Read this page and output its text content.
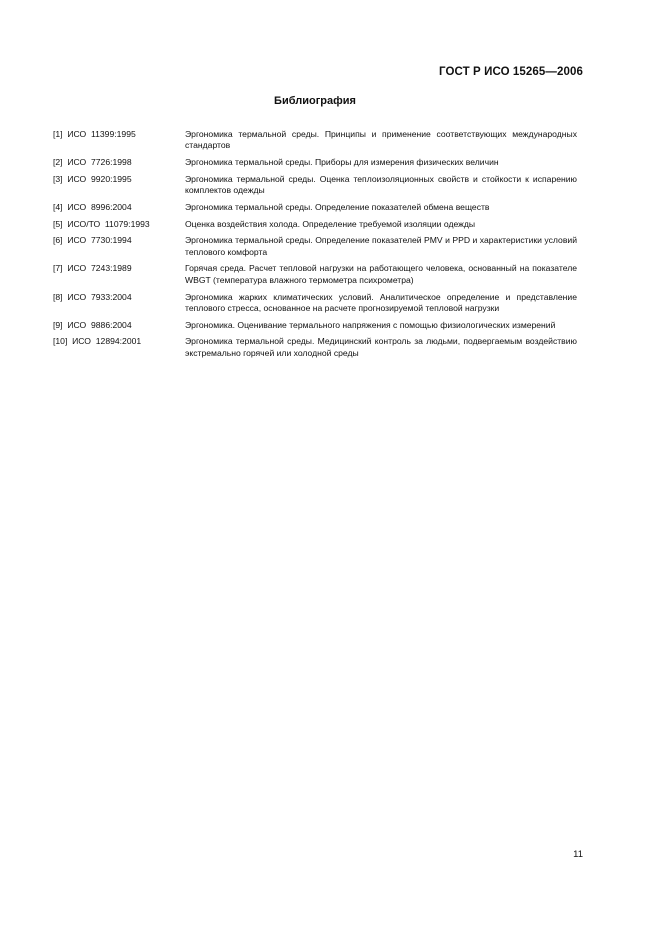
ГОСТ Р ИСО 15265—2006
Библиография
[1]  ИСО  11399:1995	Эргономика термальной среды. Принципы и применение соответствующих международных стандартов
[2]  ИСО  7726:1998	Эргономика термальной среды. Приборы для измерения физических величин
[3]  ИСО  9920:1995	Эргономика термальной среды. Оценка теплоизоляционных свойств и стойкости к испарению комплектов одежды
[4]  ИСО  8996:2004	Эргономика термальной среды. Определение показателей обмена веществ
[5]  ИСО/ТО  11079:1993	Оценка воздействия холода. Определение требуемой изоляции одежды
[6]  ИСО  7730:1994	Эргономика термальной среды. Определение показателей PMV и PPD и характеристики условий теплового комфорта
[7]  ИСО  7243:1989	Горячая среда. Расчет тепловой нагрузки на работающего человека, основанный на показателе WBGT (температура влажного термометра психрометра)
[8]  ИСО  7933:2004	Эргономика жарких климатических условий. Аналитическое определение и представление теплового стресса, основанное на расчете прогнозируемой тепловой нагрузки
[9]  ИСО  9886:2004	Эргономика. Оценивание термального напряжения с помощью физиологических измерений
[10]  ИСО  12894:2001	Эргономика термальной среды. Медицинский контроль за людьми, подвергаемым воздействию экстремально горячей или холодной среды
11
